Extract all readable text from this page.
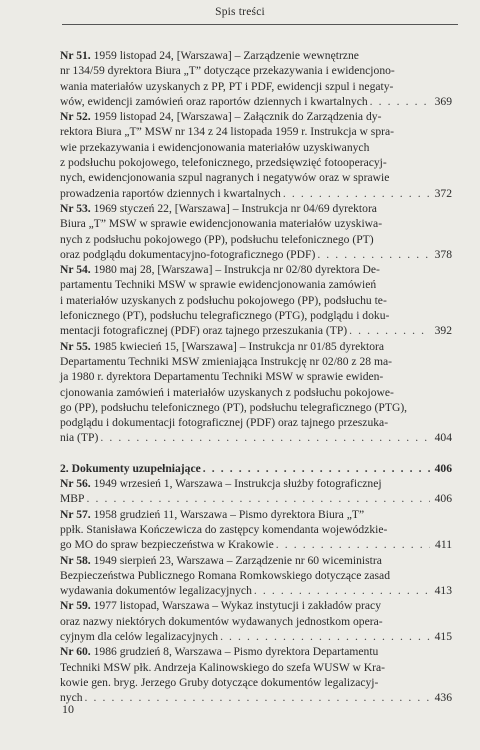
Spis treści

Nr 51. 1959 listopad 24, [Warszawa] – Zarządzenie wewnętrzne

nr 134/59 dyrektora Biura „T” dotyczące przekazywania i ewidencjono-

wania materiałów uzyskanych z PP, PT i PDF, ewidencji szpul i negaty-

wów, ewidencji zamówień oraz raportów dziennych i kwartalnych . . .	369

Nr 52. 1959 listopad 24, [Warszawa] – Załącznik do Zarządzenia dy-

rektora Biura „T” MSW nr 134 z 24 listopada 1959 r. Instrukcja w spra-

wie przekazywania i ewidencjonowania materiałów uzyskiwanych

z podsłuchu pokojowego, telefonicznego, przedsięwzięć fotooperacyj-

nych, ewidencjonowania szpul nagranych i negatywów oraz w sprawie

prowadzenia raportów dziennych i kwartalnych . . .	372

Nr 53. 1969 styczeń 22, [Warszawa] – Instrukcja nr 04/69 dyrektora

Biura „T” MSW w sprawie ewidencjonowania materiałów uzyskiwa-

nych z podsłuchu pokojowego (PP), podsłuchu telefonicznego (PT)

oraz podglądu dokumentacyjno-fotograficznego (PDF) . . .	378

Nr 54. 1980 maj 28, [Warszawa] – Instrukcja nr 02/80 dyrektora De-

partamentu Techniki MSW w sprawie ewidencjonowania zamówień

i materiałów uzyskanych z podsłuchu pokojowego (PP), podsłuchu te-

lefonicznego (PT), podsłuchu telegraficznego (PTG), podglądu i doku-

mentacji fotograficznej (PDF) oraz tajnego przeszukania (TP) . . .	392

Nr 55. 1985 kwiecień 15, [Warszawa] – Instrukcja nr 01/85 dyrektora

Departamentu Techniki MSW zmieniająca Instrukcję nr 02/80 z 28 ma-

ja 1980 r. dyrektora Departamentu Techniki MSW w sprawie ewiden-

cjonowania zamówień i materiałów uzyskanych z podsłuchu pokojowe-

go (PP), podsłuchu telefonicznego (PT), podsłuchu telegraficznego (PTG),

podglądu i dokumentacji fotograficznej (PDF) oraz tajnego przeszuka-

nia (TP) . . .	404
2. Dokumenty uzupełniające . . .	406

Nr 56. 1949 wrzesień 1, Warszawa – Instrukcja służby fotograficznej

MBP . . .	406

Nr 57. 1958 grudzień 11, Warszawa – Pismo dyrektora Biura „T”

ppłk. Stanisława Kończewicza do zastępcy komendanta wojewódzkie-

go MO do spraw bezpieczeństwa w Krakowie . . .	411

Nr 58. 1949 sierpień 23, Warszawa – Zarządzenie nr 60 wiceministra

Bezpieczeństwa Publicznego Romana Romkowskiego dotyczące zasad

wydawania dokumentów legalizacyjnych . . .	413

Nr 59. 1977 listopad, Warszawa – Wykaz instytucji i zakładów pracy

oraz nazwy niektórych dokumentów wydawanych jednostkom opera-

cyjnym dla celów legalizacyjnych . . .	415

Nr 60. 1986 grudzień 8, Warszawa – Pismo dyrektora Departamentu

Techniki MSW płk. Andrzeja Kalinowskiego do szefa WUSW w Kra-

kowie gen. bryg. Jerzego Gruby dotyczące dokumentów legalizacyj-

nych . . .	436
10
